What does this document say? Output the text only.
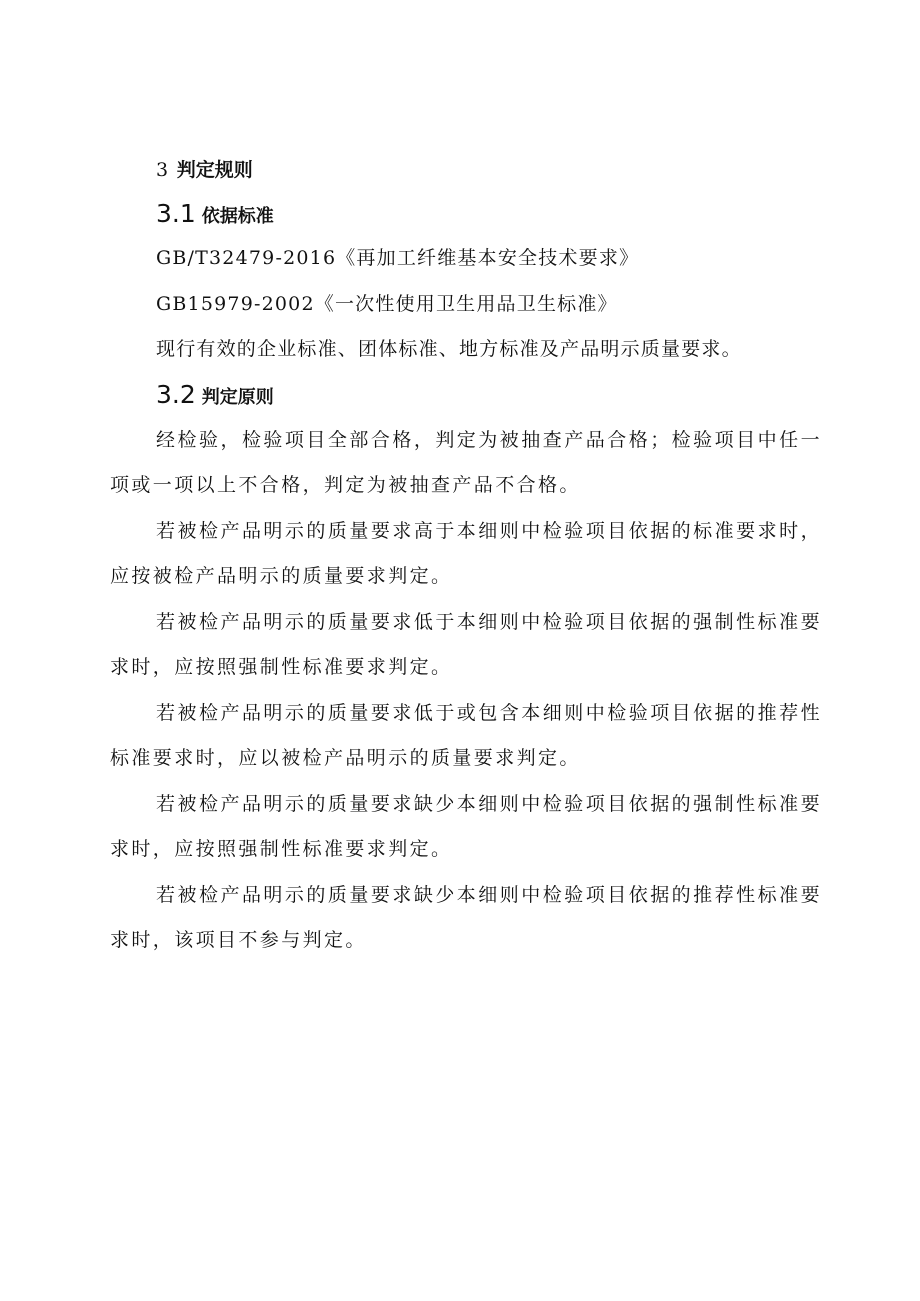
3 判定规则
3.1 依据标准

GB/T32479-2016《再加工纤维基本安全技术要求》

GB15979-2002《一次性使用卫生用品卫生标准》

现行有效的企业标准、团体标准、地方标准及产品明示质量要求。

3.2 判定原则

经检验，检验项目全部合格，判定为被抽查产品合格；检验项目中任一项或一项以上不合格，判定为被抽查产品不合格。

若被检产品明示的质量要求高于本细则中检验项目依据的标准要求时，应按被检产品明示的质量要求判定。

若被检产品明示的质量要求低于本细则中检验项目依据的强制性标准要求时，应按照强制性标准要求判定。

若被检产品明示的质量要求低于或包含本细则中检验项目依据的推荐性标准要求时，应以被检产品明示的质量要求判定。

若被检产品明示的质量要求缺少本细则中检验项目依据的强制性标准要求时，应按照强制性标准要求判定。

若被检产品明示的质量要求缺少本细则中检验项目依据的推荐性标准要求时，该项目不参与判定。
